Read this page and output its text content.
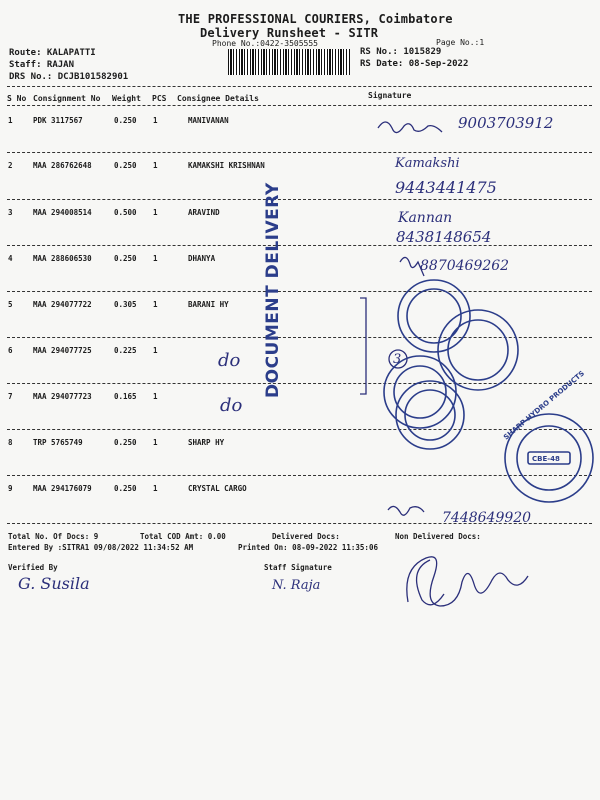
THE PROFESSIONAL COURIERS, Coimbatore
Delivery Runsheet - SITR
Phone No.:0422-3505555	Page No.:1
Route: KALAPATTI
Staff: RAJAN
DRS No.: DCJB101582901
RS No.: 1015829
RS Date: 08-Sep-2022
S No Consignment No Weight PCS Consignee Details	Signature
1	PDK 3117567	0.250 1	MANIVANAN
2	MAA 286762648	0.250 1	KAMAKSHI KRISHNAN
3	MAA 294008514	0.500 1	ARAVIND
4	MAA 288606530	0.250 1	DHANYA
5	MAA 294077722	0.305 1	BARANI HY
6	MAA 294077725	0.225 1
7	MAA 294077723	0.165 1
8	TRP 5765749	0.250 1	SHARP HY
9	MAA 294176079	0.250 1	CRYSTAL CARGO
Total No. Of Docs: 9	Total COD Amt: 0.00	Delivered Docs:	Non Delivered Docs:
Entered By :SITRA1 09/08/2022 11:34:52 AM	Printed On: 08-09-2022 11:35:06
Verified By	Staff Signature
DOCUMENT DELIVERY
9003703912
Kamakshi
9443441475
Kannan
8438148654
8870469262
do
do
3
7448649920
G. Susila	N. Raja
CBE-48
SHARP HYDRO PRODUCTS
